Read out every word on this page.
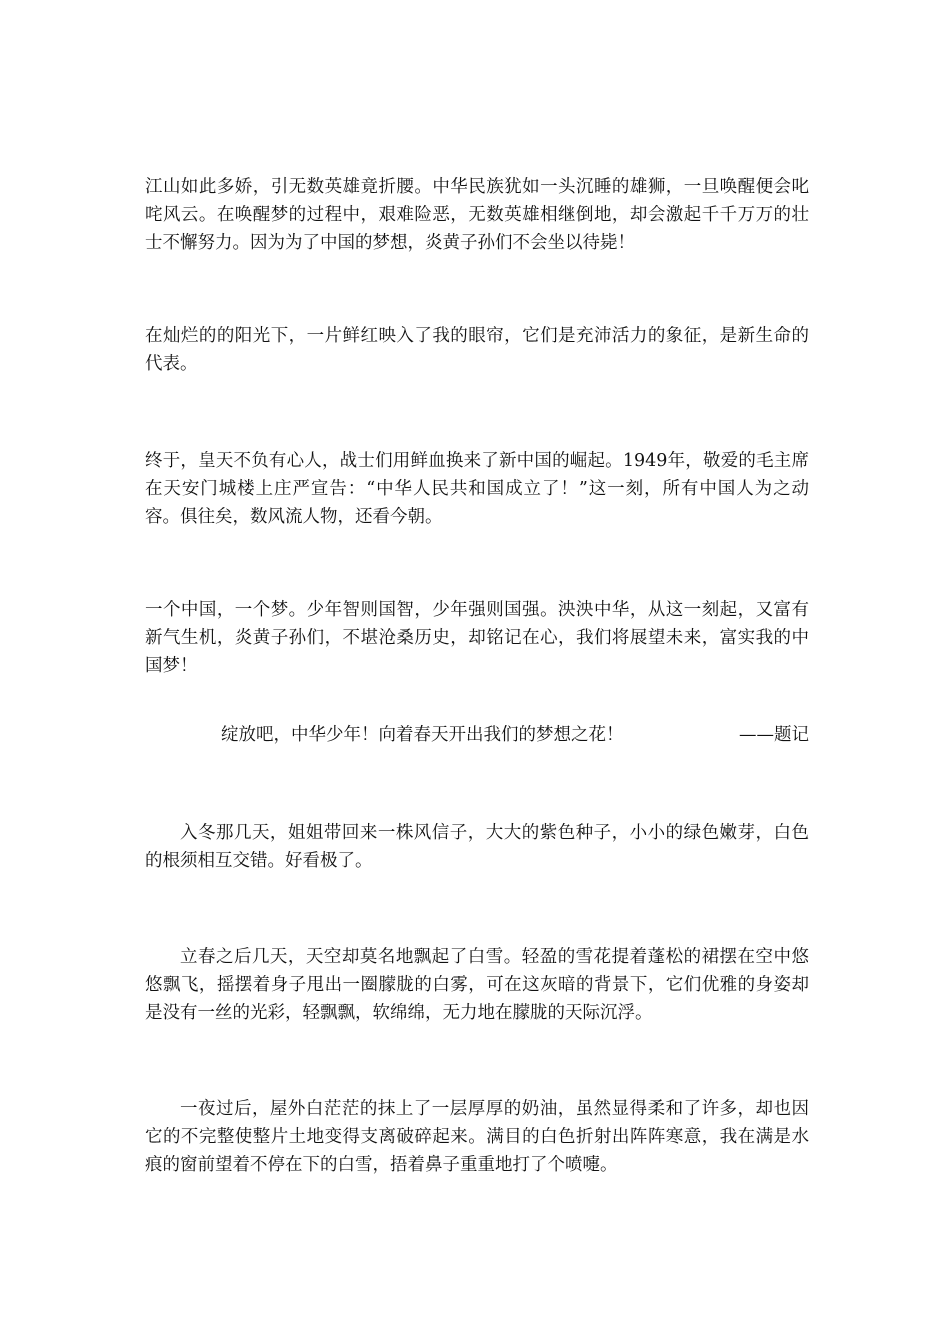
江山如此多娇，引无数英雄竟折腰。中华民族犹如一头沉睡的雄狮，一旦唤醒便会叱咤风云。在唤醒梦的过程中，艰难险恶，无数英雄相继倒地，却会激起千千万万的壮士不懈努力。因为为了中国的梦想，炎黄子孙们不会坐以待毙！

在灿烂的的阳光下，一片鲜红映入了我的眼帘，它们是充沛活力的象征，是新生命的代表。

终于，皇天不负有心人，战士们用鲜血换来了新中国的崛起。1949年，敬爱的毛主席在天安门城楼上庄严宣告：“中华人民共和国成立了！”这一刻，所有中国人为之动容。俱往矣，数风流人物，还看今朝。

一个中国，一个梦。少年智则国智，少年强则国强。泱泱中华，从这一刻起，又富有新气生机，炎黄子孙们，不堪沧桑历史，却铭记在心，我们将展望未来，富实我的中国梦！

绽放吧，中华少年！向着春天开出我们的梦想之花！	——题记

入冬那几天，姐姐带回来一株风信子，大大的紫色种子，小小的绿色嫩芽，白色的根须相互交错。好看极了。

立春之后几天，天空却莫名地飘起了白雪。轻盈的雪花提着蓬松的裙摆在空中悠悠飘飞，摇摆着身子甩出一圈朦胧的白雾，可在这灰暗的背景下，它们优雅的身姿却是没有一丝的光彩，轻飘飘，软绵绵，无力地在朦胧的天际沉浮。

一夜过后，屋外白茫茫的抹上了一层厚厚的奶油，虽然显得柔和了许多，却也因它的不完整使整片土地变得支离破碎起来。满目的白色折射出阵阵寒意，我在满是水痕的窗前望着不停在下的白雪，捂着鼻子重重地打了个喷嚏。
